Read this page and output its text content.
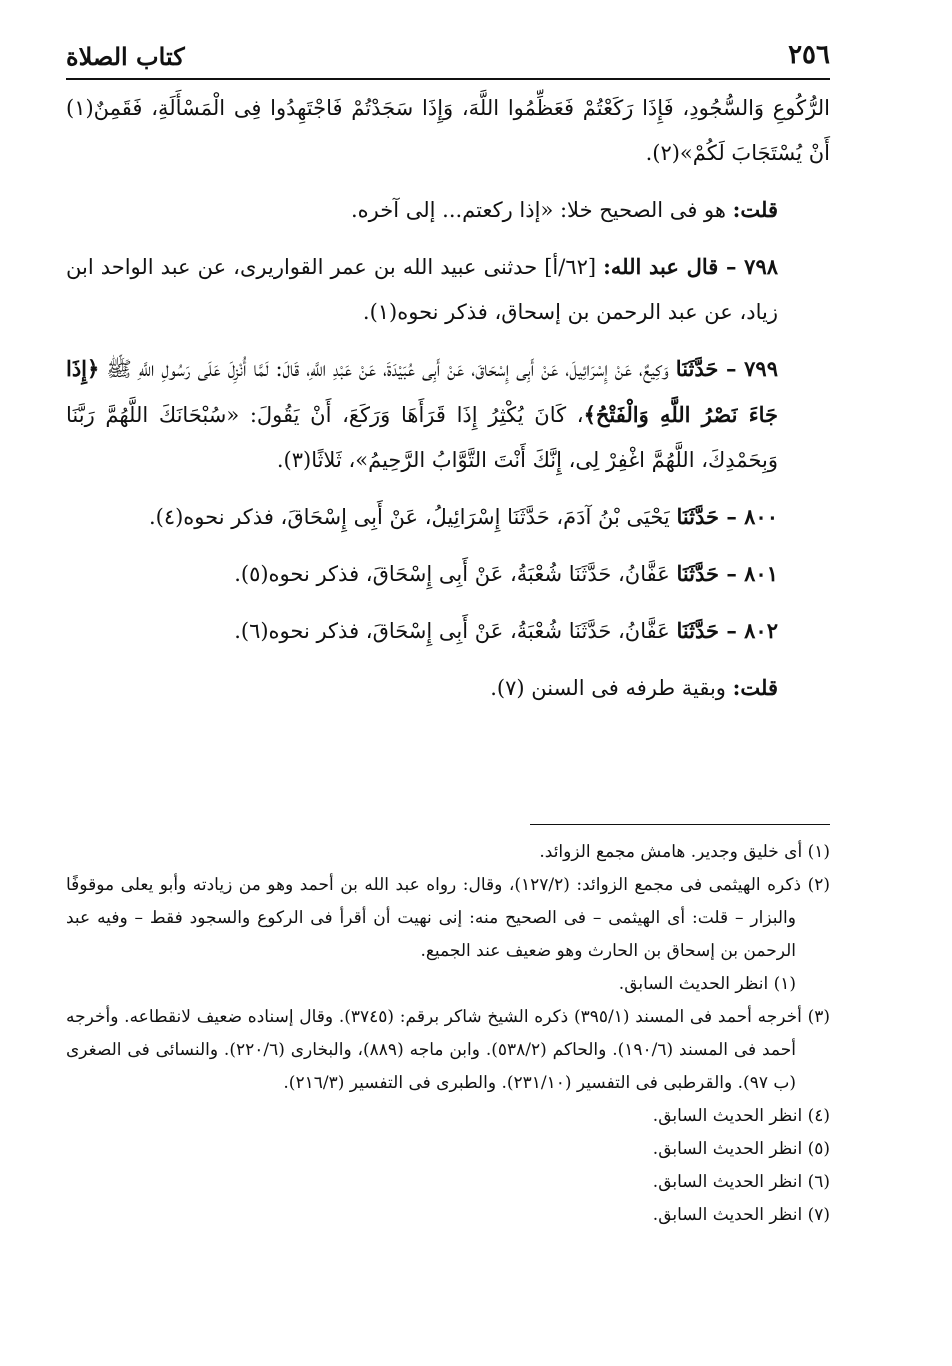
٢٥٦
كتاب الصلاة

الرُّكُوعِ وَالسُّجُودِ، فَإِذَا رَكَعْتُمْ فَعَظِّمُوا اللَّهَ، وَإِذَا سَجَدْتُمْ فَاجْتَهِدُوا فِى الْمَسْأَلَةِ، فَقَمِنٌ(١) أَنْ يُسْتَجَابَ لَكُمْ»(٢).

قلت: هو فى الصحيح خلا: «إذا ركعتم... إلى آخره.

٧٩٨ – قال عبد الله: [٦٢/أ] حدثنى عبيد الله بن عمر القواريرى، عن عبد الواحد ابن زياد، عن عبد الرحمن بن إسحاق، فذكر نحوه(١).

٧٩٩ – حَدَّثَنَا وَكِيعٌ، عَنْ إِسْرَائِيلَ، عَنْ أَبِى إِسْحَاقَ، عَنْ أَبِى عُبَيْدَةَ، عَنْ عَبْدِ اللَّهِ، قَالَ: لَمَّا أُنْزِلَ عَلَى رَسُولِ اللَّهِ ﷺ ﴿إِذَا جَاءَ نَصْرُ اللَّهِ وَالْفَتْحُ﴾، كَانَ يُكْثِرُ إِذَا قَرَأَهَا وَرَكَعَ، أَنْ يَقُولَ: «سُبْحَانَكَ اللَّهُمَّ رَبَّنَا وَبِحَمْدِكَ، اللَّهُمَّ اغْفِرْ لِى، إِنَّكَ أَنْتَ التَّوَّابُ الرَّحِيمُ»، ثَلاثًا(٣).

٨٠٠ – حَدَّثَنَا يَحْيَى بْنُ آدَمَ، حَدَّثَنَا إِسْرَائِيلُ، عَنْ أَبِى إِسْحَاقَ، فذكر نحوه(٤).

٨٠١ – حَدَّثَنَا عَفَّانُ، حَدَّثَنَا شُعْبَةُ، عَنْ أَبِى إِسْحَاقَ، فذكر نحوه(٥).

٨٠٢ – حَدَّثَنَا عَفَّانُ، حَدَّثَنَا شُعْبَةُ، عَنْ أَبِى إِسْحَاقَ، فذكر نحوه(٦).

قلت: وبقية طرفه فى السنن (٧).

(١) أى خليق وجدير. هامش مجمع الزوائد.

(٢) ذكره الهيثمى فى مجمع الزوائد: (١٢٧/٢)، وقال: رواه عبد الله بن أحمد وهو من زيادته وأبو يعلى موقوفًا والبزار – قلت: أى الهيثمى – فى الصحيح منه: إنى نهيت أن أقرأ فى الركوع والسجود فقط – وفيه عبد الرحمن بن إسحاق بن الحارث وهو ضعيف عند الجميع.

(١) انظر الحديث السابق.

(٣) أخرجه أحمد فى المسند (٣٩٥/١) ذكره الشيخ شاكر برقم: (٣٧٤٥). وقال إسناده ضعيف لانقطاعه. وأخرجه أحمد فى المسند (١٩٠/٦). والحاكم (٥٣٨/٢). وابن ماجه (٨٨٩)، والبخارى (٢٢٠/٦). والنسائى فى الصغرى (ب ٩٧). والقرطبى فى التفسير (٢٣١/١٠). والطبرى فى التفسير (٢١٦/٣).

(٤) انظر الحديث السابق.

(٥) انظر الحديث السابق.

(٦) انظر الحديث السابق.

(٧) انظر الحديث السابق.
